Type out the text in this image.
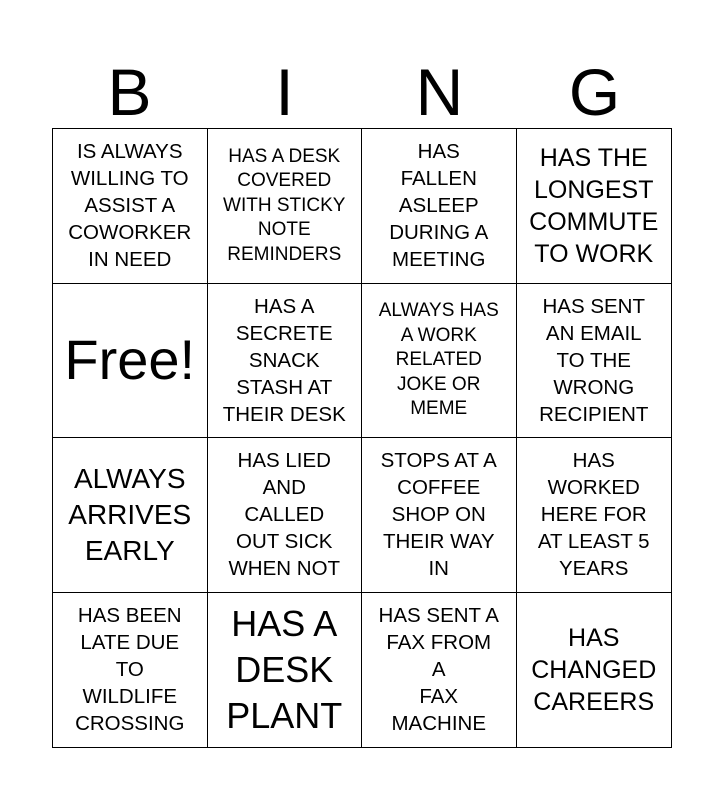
B	I	N	G
IS ALWAYS
WILLING TO
ASSIST A
COWORKER
IN NEED
HAS A DESK
COVERED
WITH STICKY
NOTE
REMINDERS
HAS
FALLEN
ASLEEP
DURING A
MEETING
HAS THE
LONGEST
COMMUTE
TO WORK
Free!
HAS A
SECRETE
SNACK
STASH AT
THEIR DESK
ALWAYS HAS
A WORK
RELATED
JOKE OR
MEME
HAS SENT
AN EMAIL
TO THE
WRONG
RECIPIENT
ALWAYS
ARRIVES
EARLY
HAS LIED
AND
CALLED
OUT SICK
WHEN NOT
STOPS AT A
COFFEE
SHOP ON
THEIR WAY
IN
HAS
WORKED
HERE FOR
AT LEAST 5
YEARS
HAS BEEN
LATE DUE
TO
WILDLIFE
CROSSING
HAS A
DESK
PLANT
HAS SENT A
FAX FROM
A
FAX
MACHINE
HAS
CHANGED
CAREERS
